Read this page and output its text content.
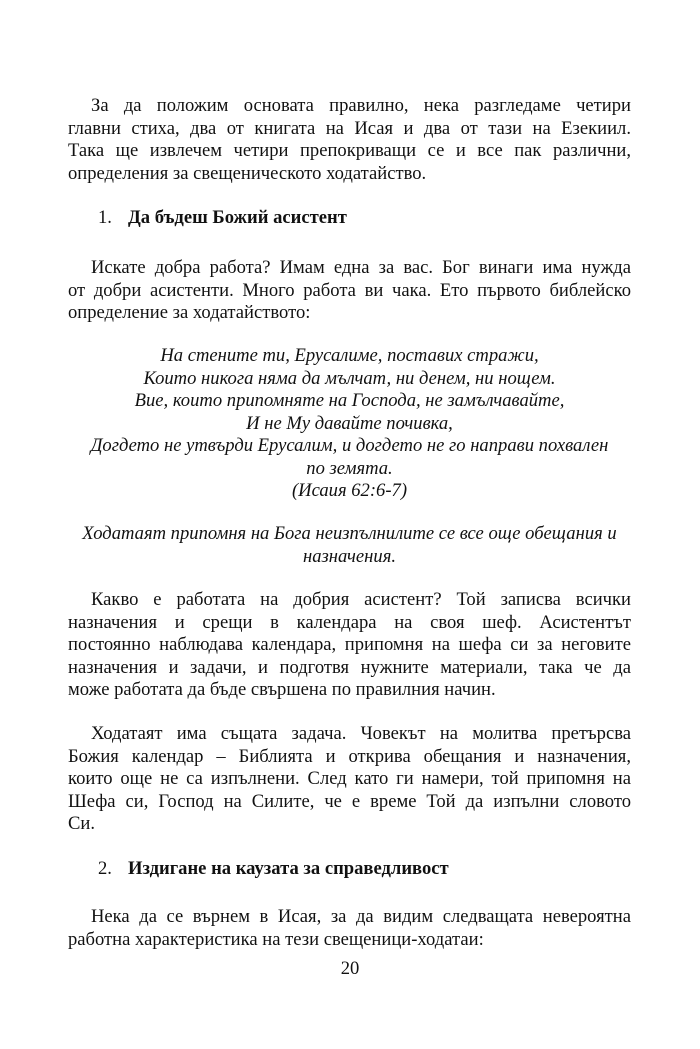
За да положим основата правилно, нека разгледаме четири
главни стиха, два от книгата на Исая и два от тази на Езекиил.
Така ще извлечем четири препокриващи се и все пак различни,
определения за свещеническото ходатайство.
1. Да бъдеш Божий асистент
Искате добра работа? Имам една за вас. Бог винаги има нужда
от добри асистенти. Много работа ви чака. Ето първото библейско
определение за ходатайството:
На стените ти, Ерусалиме, поставих стражи,
Които никога няма да мълчат, ни денем, ни нощем.
Вие, които припомняте на Господа, не замълчавайте,
И не Му давайте почивка,
Догдето не утвърди Ерусалим, и догдето не го направи похвален
по земята.
(Исаия 62:6-7)
Ходатаят припомня на Бога неизпълнилите се все още обещания и
назначения.
Какво е работата на добрия асистент? Той записва всички
назначения и срещи в календара на своя шеф. Асистентът
постоянно наблюдава календара, припомня на шефа си за неговите
назначения и задачи, и подготвя нужните материали, така че да
може работата да бъде свършена по правилния начин.
Ходатаят има същата задача. Човекът на молитва претърсва
Божия календар – Библията и открива обещания и назначения,
които още не са изпълнени. След като ги намери, той припомня на
Шефа си, Господ на Силите, че е време Той да изпълни словото
Си.
2. Издигане на каузата за справедливост
Нека да се върнем в Исая, за да видим следващата невероятна
работна характеристика на тези свещеници-ходатаи:
20
